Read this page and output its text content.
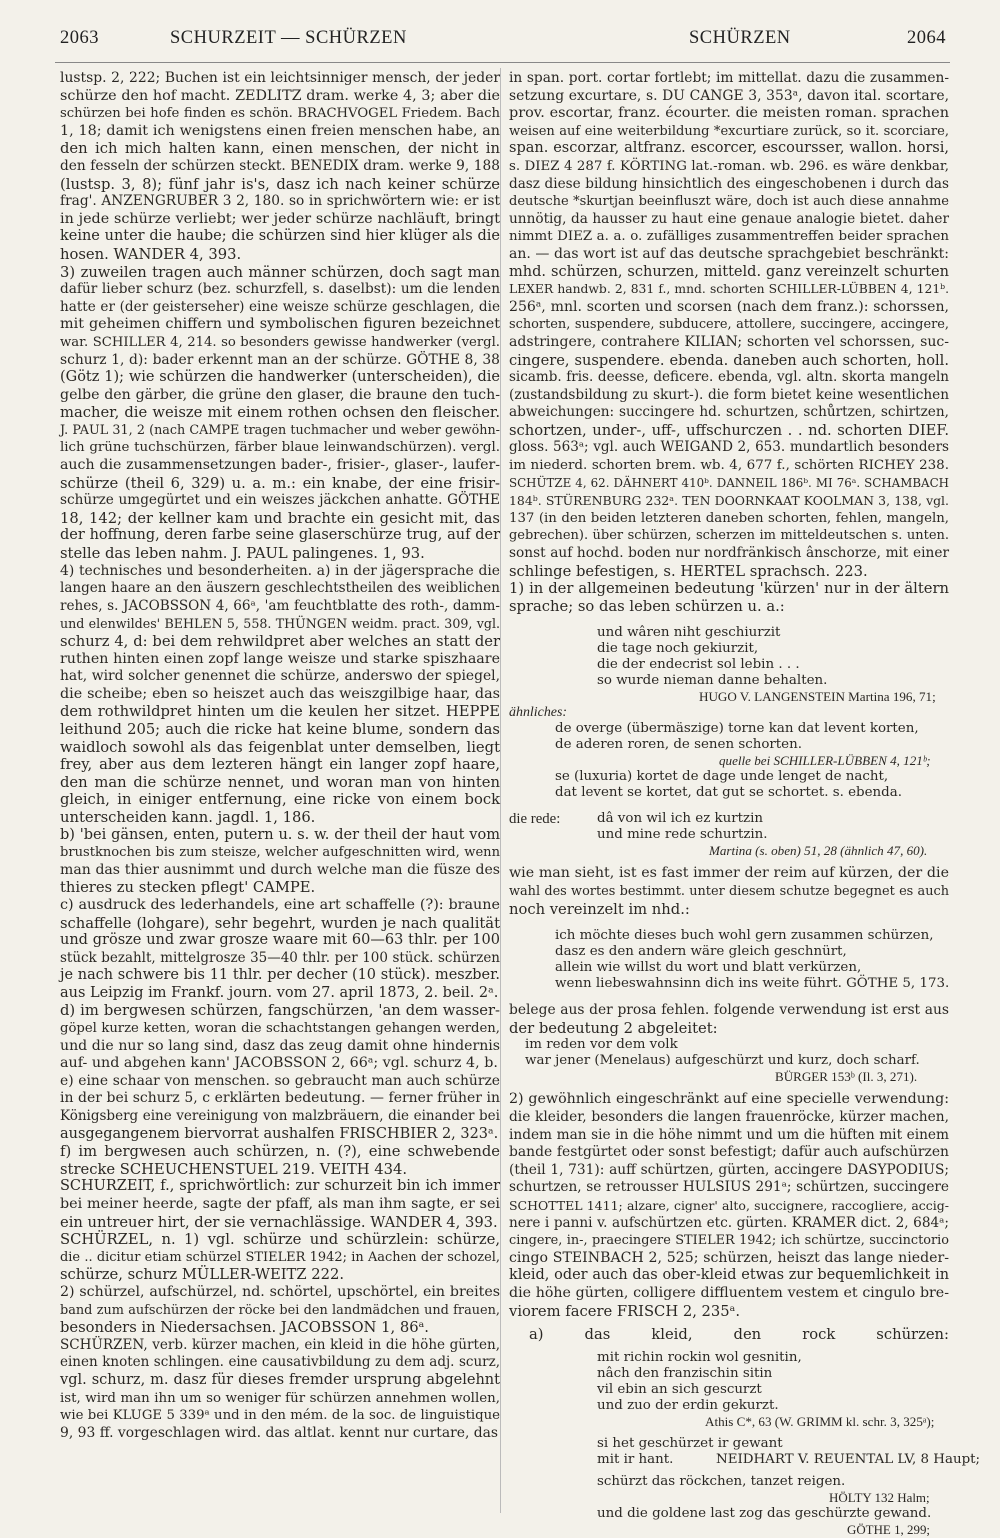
2063	SCHURZEIT — SCHÜRZEN	SCHÜRZEN	2064

lustsp. 2, 222; Buchen ist ein leichtsinniger mensch, der jeder

schürze den hof macht. ZEDLITZ dram. werke 4, 3; aber die

schürzen bei hofe finden es schön. BRACHVOGEL Friedem. Bach

1, 18; damit ich wenigstens einen freien menschen habe, an

den ich mich halten kann, einen menschen, der nicht in

den fesseln der schürzen steckt. BENEDIX dram. werke 9, 188

(lustsp. 3, 8); fünf jahr is's, dasz ich nach keiner schürze

frag'. ANZENGRUBER 3 2, 180. so in sprichwörtern wie: er ist

in jede schürze verliebt; wer jeder schürze nachläuft, bringt

keine unter die haube; die schürzen sind hier klüger als die

hosen. WANDER 4, 393.

3) zuweilen tragen auch männer schürzen, doch sagt man

dafür lieber schurz (bez. schurzfell, s. daselbst): um die lenden

hatte er (der geisterseher) eine weisze schürze geschlagen, die

mit geheimen chiffern und symbolischen figuren bezeichnet

war. SCHILLER 4, 214. so besonders gewisse handwerker (vergl.

schurz 1, d): bader erkennt man an der schürze. GÖTHE 8, 38

(Götz 1); wie schürzen die handwerker (unterscheiden), die

gelbe den gärber, die grüne den glaser, die braune den tuch-

macher, die weisze mit einem rothen ochsen den fleischer.

J. PAUL 31, 2 (nach CAMPE tragen tuchmacher und weber gewöhn-

lich grüne tuchschürzen, färber blaue leinwandschürzen). vergl.

auch die zusammensetzungen bader-, frisier-, glaser-, laufer-

schürze (theil 6, 329) u. a. m.: ein knabe, der eine frisir-

schürze umgegürtet und ein weiszes jäckchen anhatte. GÖTHE

18, 142; der kellner kam und brachte ein gesicht mit, das

der hoffnung, deren farbe seine glaserschürze trug, auf der

stelle das leben nahm. J. PAUL palingenes. 1, 93.

4) technisches und besonderheiten. a) in der jägersprache die

langen haare an den äuszern geschlechtstheilen des weiblichen

rehes, s. JACOBSSON 4, 66ᵃ, 'am feuchtblatte des roth-, damm-

und elenwildes' BEHLEN 5, 558. THÜNGEN weidm. pract. 309, vgl.

schurz 4, d: bei dem rehwildpret aber welches an statt der

ruthen hinten einen zopf lange weisze und starke spiszhaare

hat, wird solcher genennet die schürze, anderswo der spiegel,

die scheibe; eben so heiszet auch das weiszgilbige haar, das

dem rothwildpret hinten um die keulen her sitzet. HEPPE

leithund 205; auch die ricke hat keine blume, sondern das

waidloch sowohl als das feigenblat unter demselben, liegt

frey, aber aus dem lezteren hängt ein langer zopf haare,

den man die schürze nennet, und woran man von hinten

gleich, in einiger entfernung, eine ricke von einem bock

unterscheiden kann. jagdl. 1, 186.

b) 'bei gänsen, enten, putern u. s. w. der theil der haut vom

brustknochen bis zum steisze, welcher aufgeschnitten wird, wenn

man das thier ausnimmt und durch welche man die füsze des

thieres zu stecken pflegt' CAMPE.

c) ausdruck des lederhandels, eine art schaffelle (?): braune

schaffelle (lohgare), sehr begehrt, wurden je nach qualität

und grösze und zwar grosze waare mit 60—63 thlr. per 100

stück bezahlt, mittelgrosze 35—40 thlr. per 100 stück. schürzen

je nach schwere bis 11 thlr. per decher (10 stück). meszber.

aus Leipzig im Frankf. journ. vom 27. april 1873, 2. beil. 2ᵃ.

d) im bergwesen schürzen, fangschürzen, 'an dem wasser-

göpel kurze ketten, woran die schachtstangen gehangen werden,

und die nur so lang sind, dasz das zeug damit ohne hindernis

auf- und abgehen kann' JACOBSSON 2, 66ᵃ; vgl. schurz 4, b.

e) eine schaar von menschen. so gebraucht man auch schürze

in der bei schurz 5, c erklärten bedeutung. — ferner früher in

Königsberg eine vereinigung von malzbräuern, die einander bei

ausgegangenem biervorrat aushalfen FRISCHBIER 2, 323ᵃ.

f) im bergwesen auch schürzen, n. (?), eine schwebende

strecke SCHEUCHENSTUEL 219. VEITH 434.

SCHURZEIT, f., sprichwörtlich: zur schurzeit bin ich immer

bei meiner heerde, sagte der pfaff, als man ihm sagte, er sei

ein untreuer hirt, der sie vernachlässige. WANDER 4, 393.

SCHÜRZEL, n. 1) vgl. schürze und schürzlein: schürze,

die .. dicitur etiam schürzel STIELER 1942; in Aachen der schozel,

schürze, schurz MÜLLER-WEITZ 222.

2) schürzel, aufschürzel, nd. schörtel, upschörtel, ein breites

band zum aufschürzen der röcke bei den landmädchen und frauen,

besonders in Niedersachsen. JACOBSSON 1, 86ᵃ.

SCHÜRZEN, verb. kürzer machen, ein kleid in die höhe gürten,

einen knoten schlingen. eine causativbildung zu dem adj. scurz,

vgl. schurz, m. dasz für dieses fremder ursprung abgelehnt

ist, wird man ihn um so weniger für schürzen annehmen wollen,

wie bei KLUGE 5 339ᵃ und in den mém. de la soc. de linguistique

9, 93 ff. vorgeschlagen wird. das altlat. kennt nur curtare, das

in span. port. cortar fortlebt; im mittellat. dazu die zusammen-

setzung excurtare, s. DU CANGE 3, 353ᵃ, davon ital. scortare,

prov. escortar, franz. écourter. die meisten roman. sprachen

weisen auf eine weiterbildung *excurtiare zurück, so it. scorciare,

span. escorzar, altfranz. escorcer, escoursser, wallon. horsi,

s. DIEZ 4 287 f. KÖRTING lat.-roman. wb. 296. es wäre denkbar,

dasz diese bildung hinsichtlich des eingeschobenen i durch das

deutsche *skurtjan beeinfluszt wäre, doch ist auch diese annahme

unnötig, da hausser zu haut eine genaue analogie bietet. daher

nimmt DIEZ a. a. o. zufälliges zusammentreffen beider sprachen

an. — das wort ist auf das deutsche sprachgebiet beschränkt:

mhd. schürzen, schurzen, mitteld. ganz vereinzelt schurten

LEXER handwb. 2, 831 f., mnd. schorten SCHILLER-LÜBBEN 4, 121ᵇ.

256ᵃ, mnl. scorten und scorsen (nach dem franz.): schorssen,

schorten, suspendere, subducere, attollere, succingere, accingere,

adstringere, contrahere KILIAN; schorten vel schorssen, suc-

cingere, suspendere. ebenda. daneben auch schorten, holl.

sicamb. fris. deesse, deficere. ebenda, vgl. altn. skorta mangeln

(zustandsbildung zu skurt-). die form bietet keine wesentlichen

abweichungen: succingere hd. schurtzen, schůrtzen, schirtzen,

schortzen, under-, uff-, uffschurczen . . nd. schorten DIEF.

gloss. 563ᵃ; vgl. auch WEIGAND 2, 653. mundartlich besonders

im niederd. schorten brem. wb. 4, 677 f., schörten RICHEY 238.

SCHÜTZE 4, 62. DÄHNERT 410ᵇ. DANNEIL 186ᵇ. MI 76ᵃ. SCHAMBACH

184ᵇ. STÜRENBURG 232ᵃ. TEN DOORNKAAT KOOLMAN 3, 138, vgl.

137 (in den beiden letzteren daneben schorten, fehlen, mangeln,

gebrechen). über schürzen, scherzen im mitteldeutschen s. unten.

sonst auf hochd. boden nur nordfränkisch ânschorze, mit einer

schlinge befestigen, s. HERTEL sprachsch. 223.

1) in der allgemeinen bedeutung 'kürzen' nur in der ältern

sprache; so das leben schürzen u. a.:

und wâren niht geschiurzit
die tage noch gekiurzit,
die der endecrist sol lebin . . .
so wurde nieman danne behalten.
HUGO V. LANGENSTEIN Martina 196, 71;
ähnliches:
de overge (übermäszige) torne kan dat levent korten,
de aderen roren, de senen schorten.
quelle bei SCHILLER-LÜBBEN 4, 121ᵇ;
se (luxuria) kortet de dage unde lenget de nacht,
dat levent se kortet, dat gut se schortet. s. ebenda.
die rede:	dâ von wil ich ez kurtzin
und mine rede schurtzin.
Martina (s. oben) 51, 28 (ähnlich 47, 60).

wie man sieht, ist es fast immer der reim auf kürzen, der die

wahl des wortes bestimmt. unter diesem schutze begegnet es auch

noch vereinzelt im nhd.:

ich möchte dieses buch wohl gern zusammen schürzen,
dasz es den andern wäre gleich geschnürt,
allein wie willst du wort und blatt verkürzen,
wenn liebeswahnsinn dich ins weite führt. GÖTHE 5, 173.

belege aus der prosa fehlen. folgende verwendung ist erst aus

der bedeutung 2 abgeleitet:

im reden vor dem volk
war jener (Menelaus) aufgeschürzt und kurz, doch scharf.
BÜRGER 153ᵇ (Il. 3, 271).

2) gewöhnlich eingeschränkt auf eine specielle verwendung:

die kleider, besonders die langen frauenröcke, kürzer machen,

indem man sie in die höhe nimmt und um die hüften mit einem

bande festgürtet oder sonst befestigt; dafür auch aufschürzen

(theil 1, 731): auff schürtzen, gürten, accingere DASYPODIUS;

schurtzen, se retrousser HULSIUS 291ᵃ; schürtzen, succingere

SCHOTTEL 1411; alzare, cigner' alto, succignere, raccogliere, accig-

nere i panni v. aufschürtzen etc. gürten. KRAMER dict. 2, 684ᵃ;

cingere, in-, praecingere STIELER 1942; ich schürtze, succinctorio

cingo STEINBACH 2, 525; schürzen, heiszt das lange nieder-

kleid, oder auch das ober-kleid etwas zur bequemlichkeit in

die höhe gürten, colligere diffluentem vestem et cingulo bre-

viorem facere FRISCH 2, 235ᵃ.

a) das kleid, den rock schürzen:

mit richin rockin wol gesnitin,
nâch den franzischin sitin
vil ebin an sich gescurzt
und zuo der erdin gekurzt.
Athis C*, 63 (W. GRIMM kl. schr. 3, 325ᵃ);
si het geschürzet ir gewant
mit ir hant.          NEIDHART V. REUENTAL LV, 8 Haupt;
schürzt das röckchen, tanzet reigen.
HÖLTY 132 Halm;
und die goldene last zog das geschürzte gewand.
GÖTHE 1, 299;
